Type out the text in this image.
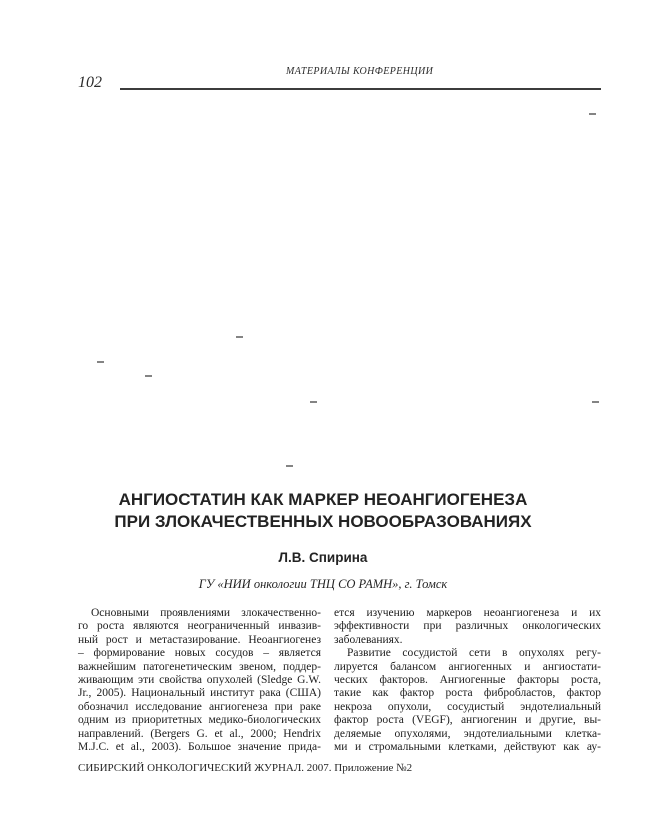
102
МАТЕРИАЛЫ КОНФЕРЕНЦИИ
АНГИОСТАТИН КАК МАРКЕР НЕОАНГИОГЕНЕЗА
ПРИ ЗЛОКАЧЕСТВЕННЫХ НОВООБРАЗОВАНИЯХ
Л.В. Спирина
ГУ «НИИ онкологии ТНЦ СО РАМН», г. Томск
Основными проявлениями злокачественно-
го роста являются неограниченный инвазив-
ный рост и метастазирование. Неоангиогенез
– формирование новых сосудов – является
важнейшим патогенетическим звеном, поддер-
живающим эти свойства опухолей (Sledge G.W.
Jr., 2005). Национальный институт рака (США)
обозначил исследование ангиогенеза при раке
одним из приоритетных медико-биологических
направлений. (Bergers G. et al., 2000; Hendrix
M.J.C. et al., 2003). Большое значение прида-
ется изучению маркеров неоангиогенеза и их
эффективности при различных онкологических
заболеваниях.
Развитие сосудистой сети в опухолях регу-
лируется балансом ангиогенных и ангиостати-
ческих факторов. Ангиогенные факторы роста,
такие как фактор роста фибробластов, фактор
некроза опухоли, сосудистый эндотелиальный
фактор роста (VEGF), ангиогенин и другие, вы-
деляемые опухолями, эндотелиальными клетка-
ми и стромальными клетками, действуют как ау-
СИБИРСКИЙ ОНКОЛОГИЧЕСКИЙ ЖУРНАЛ. 2007. Приложение №2
